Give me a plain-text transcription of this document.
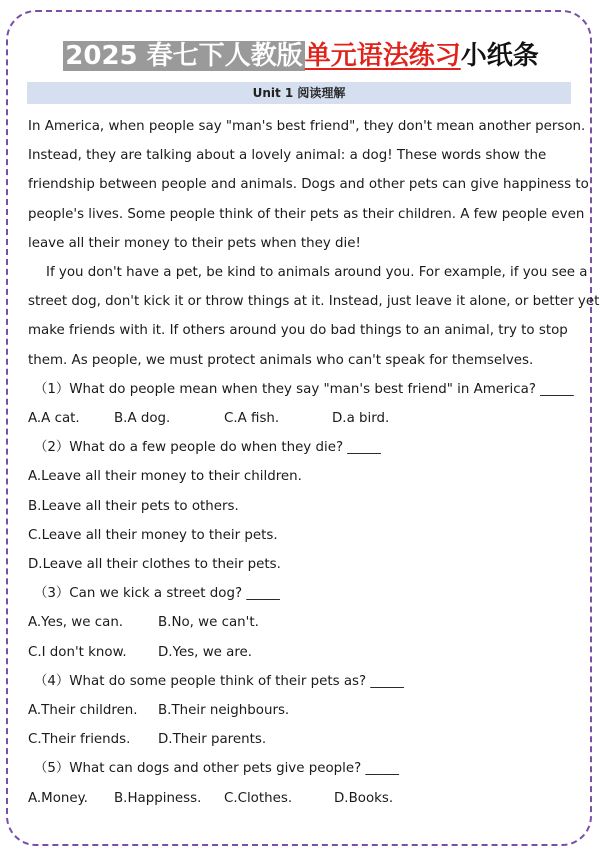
2025 春七下人教版单元语法练习小纸条
Unit 1 阅读理解

In America, when people say "man's best friend", they don't mean another person.

Instead, they are talking about a lovely animal: a dog! These words show the

friendship between people and animals. Dogs and other pets can give happiness to

people's lives. Some people think of their pets as their children. A few people even

leave all their money to their pets when they die!

If you don't have a pet, be kind to animals around you. For example, if you see a

street dog, don't kick it or throw things at it. Instead, just leave it alone, or better yet

make friends with it. If others around you do bad things to an animal, try to stop

them. As people, we must protect animals who can't speak for themselves.

（1）What do people mean when they say "man's best friend" in America? _____

A.A cat.	B.A dog.	C.A fish.	D.a bird.

（2）What do a few people do when they die? _____

A.Leave all their money to their children.

B.Leave all their pets to others.

C.Leave all their money to their pets.

D.Leave all their clothes to their pets.

（3）Can we kick a street dog? _____

A.Yes, we can.	B.No, we can't.
C.I don't know.	D.Yes, we are.

（4）What do some people think of their pets as? _____

A.Their children.	B.Their neighbours.
C.Their friends.	D.Their parents.

（5）What can dogs and other pets give people? _____

A.Money.	B.Happiness.	C.Clothes.	D.Books.
